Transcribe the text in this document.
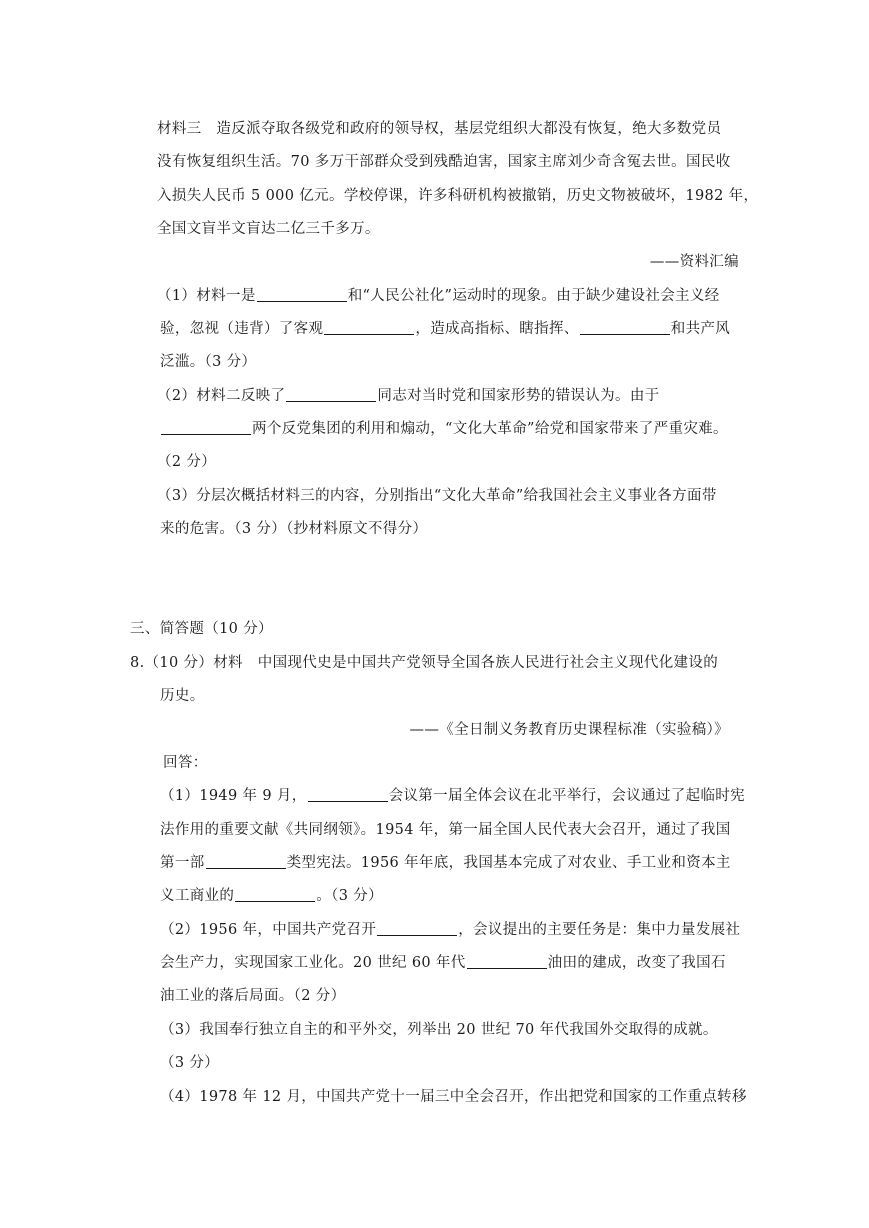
材料三　造反派夺取各级党和政府的领导权，基层党组织大都没有恢复，绝大多数党员
没有恢复组织生活。70 多万干部群众受到残酷迫害，国家主席刘少奇含冤去世。国民收
入损失人民币 5 000 亿元。学校停课，许多科研机构被撤销，历史文物被破坏，1982 年，
全国文盲半文盲达二亿三千多万。
——资料汇编
（1）材料一是	和“人民公社化”运动时的现象。由于缺少建设社会主义经
验，忽视（违背）了客观	，造成高指标、瞎指挥、	和共产风
泛滥。（3 分）
（2）材料二反映了	同志对当时党和国家形势的错误认为。由于
两个反党集团的利用和煽动，“文化大革命”给党和国家带来了严重灾难。
（2 分）
（3）分层次概括材料三的内容，分别指出“文化大革命”给我国社会主义事业各方面带
来的危害。（3 分）（抄材料原文不得分）
三、简答题（10 分）
8.（10 分）材料　中国现代史是中国共产党领导全国各族人民进行社会主义现代化建设的
历史。
——《全日制义务教育历史课程标准（实验稿）》
回答：
（1）1949 年 9 月，	会议第一届全体会议在北平举行，会议通过了起临时宪
法作用的重要文献《共同纲领》。1954 年，第一届全国人民代表大会召开，通过了我国
第一部	类型宪法。1956 年年底，我国基本完成了对农业、手工业和资本主
义工商业的	。（3 分）
（2）1956 年，中国共产党召开	，会议提出的主要任务是：集中力量发展社
会生产力，实现国家工业化。20 世纪 60 年代	油田的建成，改变了我国石
油工业的落后局面。（2 分）
（3）我国奉行独立自主的和平外交，列举出 20 世纪 70 年代我国外交取得的成就。
（3 分）
（4）1978 年 12 月，中国共产党十一届三中全会召开，作出把党和国家的工作重点转移
